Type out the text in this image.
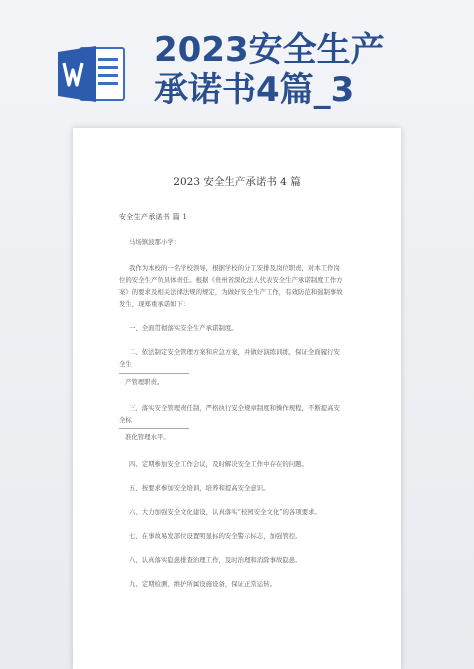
2023安全生产
承诺书4篇_3
2023 安全生产承诺书 4 篇
安全生产承诺书 篇 1
马场镇波那小学：
我作为本校的一名学校领导，根据学校的分工安排及岗位职责，对本工作岗
位的安全生产负具体责任。根据《贵州省深化法人代表安全生产承诺制度工作方
案》的要求及相关法律法规的规定，为做好安全生产工作，有效防范和遏制事故
发生，现郑重承诺如下：
一、全面贯彻落实安全生产承诺制度。
二、依法制定安全管理方案和应急方案，并做好演练训练，保证全面履行安
全生
产管理职责。
三、落实安全管理责任制，严格执行安全规章制度和操作规程，不断提高安
全标
准化管理水平。
四、定期参加安全工作会议，及时解决安全工作中存在的问题。
五、按要求参加安全培训，培养和提高安全意识。
六、大力加强安全文化建设，认真落实“校园安全文化”的各项要求。
七、在事故易发部位设置明显标的安全警示标志，加强管控。
八、认真落实隐患排查治理工作，及时治理和消除事故隐患。
九、定期检测、维护所属设施设备，保证正常运转。
